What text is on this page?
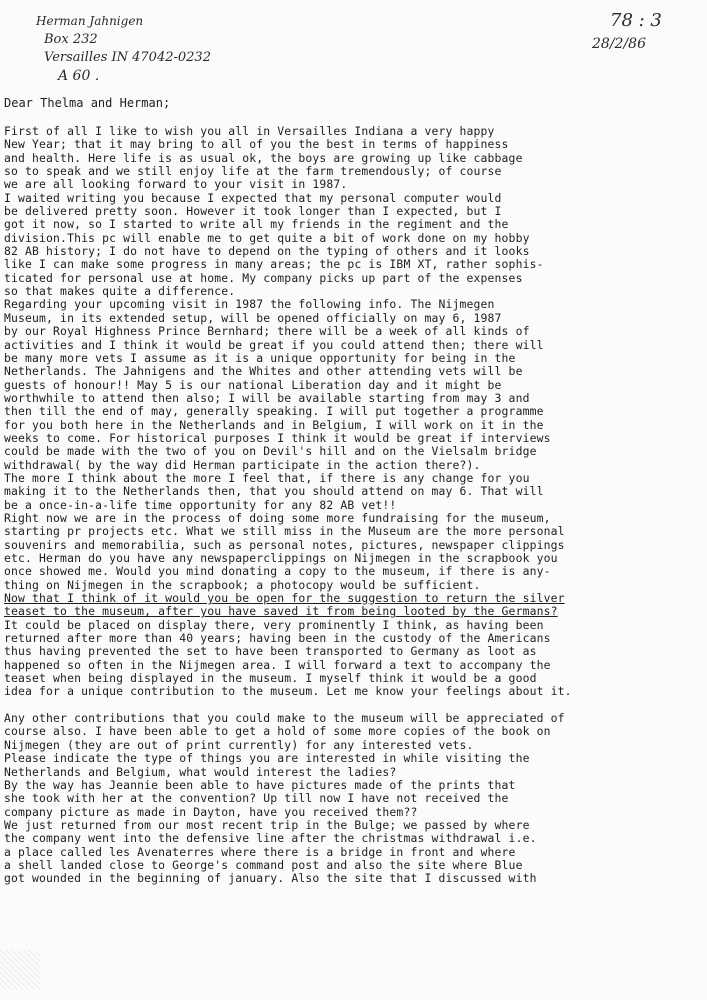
Herman Jahnigen
Box 232
Versailles IN 47042-0232
A 60 .
78 : 3
28/2/86
Dear Thelma and Herman;
First of all I like to wish you all in Versailles Indiana a very happy
New Year; that it may bring to all of you the best in terms of happiness
and health. Here life is as usual ok, the boys are growing up like cabbage
so to speak and we still enjoy life at the farm tremendously; of course
we are all looking forward to your visit in 1987.
I waited writing you because I expected that my personal computer would
be delivered pretty soon. However it took longer than I expected, but I
got it now, so I started to write all my friends in the regiment and the
division.This pc will enable me to get quite a bit of work done on my hobby
82 AB history; I do not have to depend on the typing of others and it looks
like I can make some progress in many areas; the pc is IBM XT, rather sophis-
ticated for personal use at home. My company picks up part of the expenses
so that makes quite a difference.
Regarding your upcoming visit in 1987 the following info. The Nijmegen
Museum, in its extended setup, will be opened officially on may 6, 1987
by our Royal Highness Prince Bernhard; there will be a week of all kinds of
activities and I think it would be great if you could attend then; there will
be many more vets I assume as it is a unique opportunity for being in the
Netherlands. The Jahnigens and the Whites and other attending vets will be
guests of honour!! May 5 is our national Liberation day and it might be
worthwhile to attend then also; I will be available starting from may 3 and
then till the end of may, generally speaking. I will put together a programme
for you both here in the Netherlands and in Belgium, I will work on it in the
weeks to come. For historical purposes I think it would be great if interviews
could be made with the two of you on Devil's hill and on the Vielsalm bridge
withdrawal( by the way did Herman participate in the action there?).
The more I think about the more I feel that, if there is any change for you
making it to the Netherlands then, that you should attend on may 6. That will
be a once-in-a-life time opportunity for any 82 AB vet!!
Right now we are in the process of doing some more fundraising for the museum,
starting pr projects etc. What we still miss in the Museum are the more personal
souvenirs and memorabilia, such as personal notes, pictures, newspaper clippings
etc. Herman do you have any newspaperclippings on Nijmegen in the scrapbook you
once showed me. Would you mind donating a copy to the museum, if there is any-
thing on Nijmegen in the scrapbook; a photocopy would be sufficient.
Now that I think of it would you be open for the suggestion to return the silver
teaset to the museum, after you have saved it from being looted by the Germans?
It could be placed on display there, very prominently I think, as having been
returned after more than 40 years; having been in the custody of the Americans
thus having prevented the set to have been transported to Germany as loot as
happened so often in the Nijmegen area. I will forward a text to accompany the
teaset when being displayed in the museum. I myself think it would be a good
idea for a unique contribution to the museum. Let me know your feelings about it.
Any other contributions that you could make to the museum will be appreciated of
course also. I have been able to get a hold of some more copies of the book on
Nijmegen (they are out of print currently) for any interested vets.
Please indicate the type of things you are interested in while visiting the
Netherlands and Belgium, what would interest the ladies?
By the way has Jeannie been able to have pictures made of the prints that
she took with her at the convention? Up till now I have not received the
company picture as made in Dayton, have you received them??
We just returned from our most recent trip in the Bulge; we passed by where
the company went into the defensive line after the christmas withdrawal i.e.
a place called les Avenaterres where there is a bridge in front and where
a shell landed close to George's command post and also the site where Blue
got wounded in the beginning of january. Also the site that I discussed with
